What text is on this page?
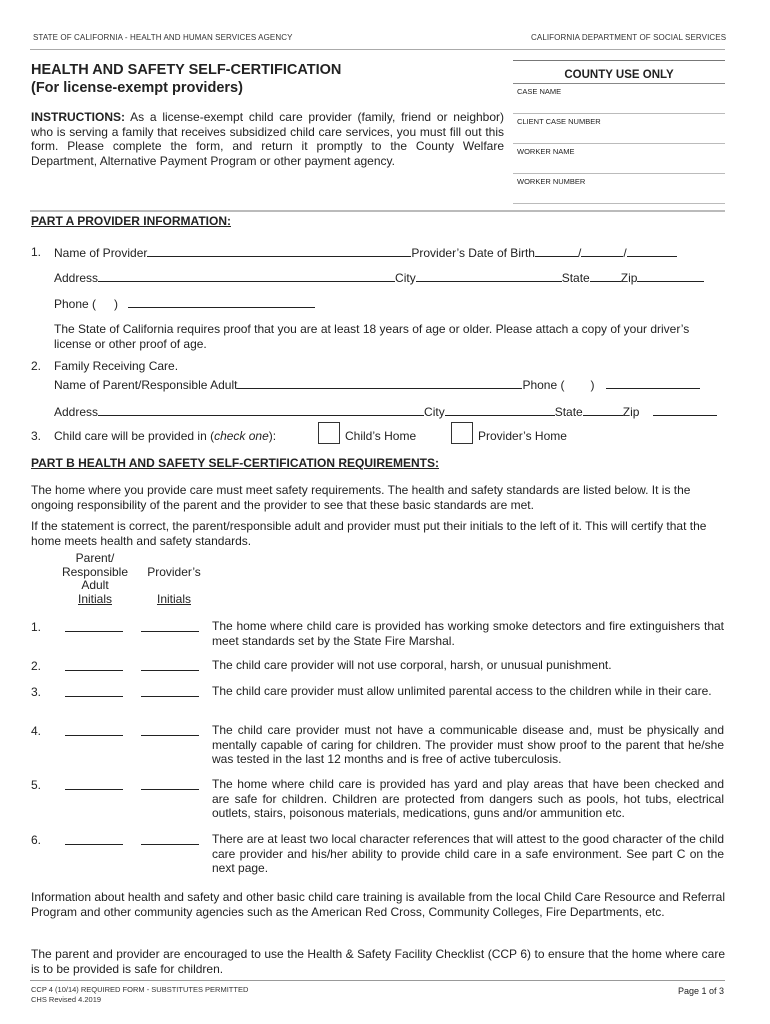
STATE OF CALIFORNIA - HEALTH AND HUMAN SERVICES AGENCY	CALIFORNIA DEPARTMENT OF SOCIAL SERVICES
HEALTH AND SAFETY SELF-CERTIFICATION
(For license-exempt providers)
INSTRUCTIONS: As a license-exempt child care provider (family, friend or neighbor) who is serving a family that receives subsidized child care services, you must fill out this form. Please complete the form, and return it promptly to the County Welfare Department, Alternative Payment Program or other payment agency.
COUNTY USE ONLY
CASE NAME
CLIENT CASE NUMBER
WORKER NAME
WORKER NUMBER
PART A PROVIDER INFORMATION:
1. Name of Provider	Provider’s Date of Birth	/	/
Address	City	State	Zip
Phone ( )
The State of California requires proof that you are at least 18 years of age or older. Please attach a copy of your driver’s license or other proof of age.
2. Family Receiving Care.
Name of Parent/Responsible Adult	Phone ( )
Address	City	State	Zip
3. Child care will be provided in (check one):	Child’s Home	Provider’s Home
PART B HEALTH AND SAFETY SELF-CERTIFICATION REQUIREMENTS:
The home where you provide care must meet safety requirements. The health and safety standards are listed below. It is the ongoing responsibility of the parent and the provider to see that these basic standards are met.
If the statement is correct, the parent/responsible adult and provider must put their initials to the left of it. This will certify that the home meets health and safety standards.
Parent/
Responsible
Adult
Initials
Provider’s
Initials
1.	The home where child care is provided has working smoke detectors and fire extinguishers that meet standards set by the State Fire Marshal.
2.	The child care provider will not use corporal, harsh, or unusual punishment.
3.	The child care provider must allow unlimited parental access to the children while in their care.
4.	The child care provider must not have a communicable disease and, must be physically and mentally capable of caring for children. The provider must show proof to the parent that he/she was tested in the last 12 months and is free of active tuberculosis.
5.	The home where child care is provided has yard and play areas that have been checked and are safe for children. Children are protected from dangers such as pools, hot tubs, electrical outlets, stairs, poisonous materials, medications, guns and/or ammunition etc.
6.	There are at least two local character references that will attest to the good character of the child care provider and his/her ability to provide child care in a safe environment. See part C on the next page.
Information about health and safety and other basic child care training is available from the local Child Care Resource and Referral Program and other community agencies such as the American Red Cross, Community Colleges, Fire Departments, etc.
The parent and provider are encouraged to use the Health & Safety Facility Checklist (CCP 6) to ensure that the home where care is to be provided is safe for children.
CCP 4 (10/14) REQUIRED FORM - SUBSTITUTES PERMITTED
CHS Revised 4.2019
Page 1 of 3
